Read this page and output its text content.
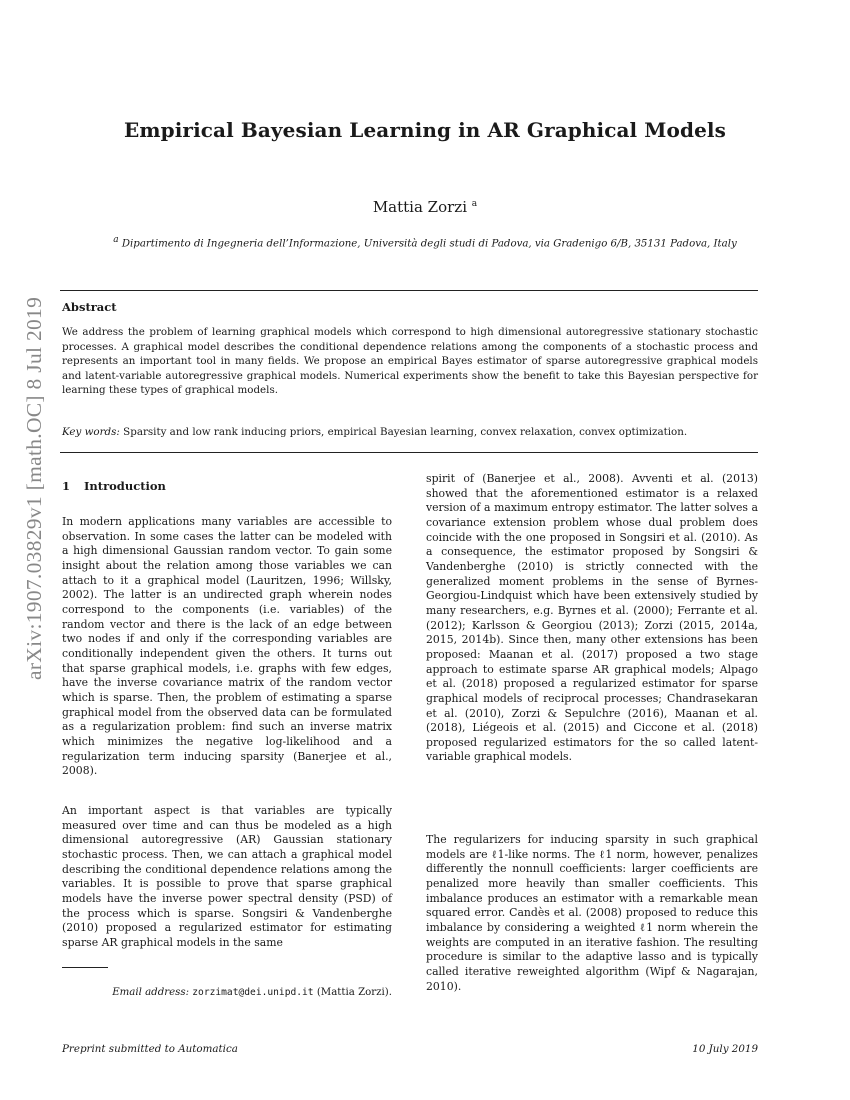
Empirical Bayesian Learning in AR Graphical Models
Mattia Zorzi $^a$
$^a$ Dipartimento di Ingegneria dell’Informazione, Università degli studi di Padova, via Gradenigo 6/B, 35131 Padova, Italy
arXiv:1907.03829v1 [math.OC] 8 Jul 2019 Abstract
We address the problem of learning graphical models which correspond to high dimensional autoregressive stationary stochastic processes. A graphical model describes the conditional dependence relations among the components of a stochastic process and represents an important tool in many fields. We propose an empirical Bayes estimator of sparse autoregressive graphical models and latent-variable autoregressive graphical models. Numerical experiments show the benefit to take this Bayesian perspective for learning these types of graphical models.
Key words: Sparsity and low rank inducing priors, empirical Bayesian learning, convex relaxation, convex optimization.
1 Introduction

In modern applications many variables are accessible to observation. In some cases the latter can be modeled with a high dimensional Gaussian random vector. To gain some insight about the relation among those variables we can attach to it a graphical model (Lauritzen, 1996; Willsky, 2002). The latter is an undirected graph wherein nodes correspond to the components (i.e. variables) of the random vector and there is the lack of an edge between two nodes if and only if the corresponding variables are conditionally independent given the others. It turns out that sparse graphical models, i.e. graphs with few edges, have the inverse covariance matrix of the random vector which is sparse. Then, the problem of estimating a sparse graphical model from the observed data can be formulated as a regularization problem: find such an inverse matrix which minimizes the negative log-likelihood and a regularization term inducing sparsity (Banerjee et al., 2008).

An important aspect is that variables are typically measured over time and can thus be modeled as a high dimensional autoregressive (AR) Gaussian stationary stochastic process. Then, we can attach a graphical model describing the conditional dependence relations among the variables. It is possible to prove that sparse graphical models have the inverse power spectral density (PSD) of the process which is sparse. Songsiri & Vandenberghe (2010) proposed a regularized estimator for estimating sparse AR graphical models in the same

spirit of (Banerjee et al., 2008). Avventi et al. (2013) showed that the aforementioned estimator is a relaxed version of a maximum entropy estimator. The latter solves a covariance extension problem whose dual problem does coincide with the one proposed in Songsiri et al. (2010). As a consequence, the estimator proposed by Songsiri & Vandenberghe (2010) is strictly connected with the generalized moment problems in the sense of Byrnes-Georgiou-Lindquist which have been extensively studied by many researchers, e.g. Byrnes et al. (2000); Ferrante et al. (2012); Karlsson & Georgiou (2013); Zorzi (2015, 2014a, 2015, 2014b). Since then, many other extensions has been proposed: Maanan et al. (2017) proposed a two stage approach to estimate sparse AR graphical models; Alpago et al. (2018) proposed a regularized estimator for sparse graphical models of reciprocal processes; Chandrasekaran et al. (2010), Zorzi & Sepulchre (2016), Maanan et al. (2018), Liégeois et al. (2015) and Ciccone et al. (2018) proposed regularized estimators for the so called latent-variable graphical models.

The regularizers for inducing sparsity in such graphical models are ℓ1-like norms. The ℓ1 norm, however, penalizes differently the nonnull coefficients: larger coefficients are penalized more heavily than smaller coefficients. This imbalance produces an estimator with a remarkable mean squared error. Candès et al. (2008) proposed to reduce this imbalance by considering a weighted ℓ1 norm wherein the weights are computed in an iterative fashion. The resulting procedure is similar to the adaptive lasso and is typically called iterative reweighted algorithm (Wipf & Nagarajan, 2010).

Email address: zorzimat@dei.unipd.it (Mattia Zorzi).
Preprint submitted to Automatica	10 July 2019
